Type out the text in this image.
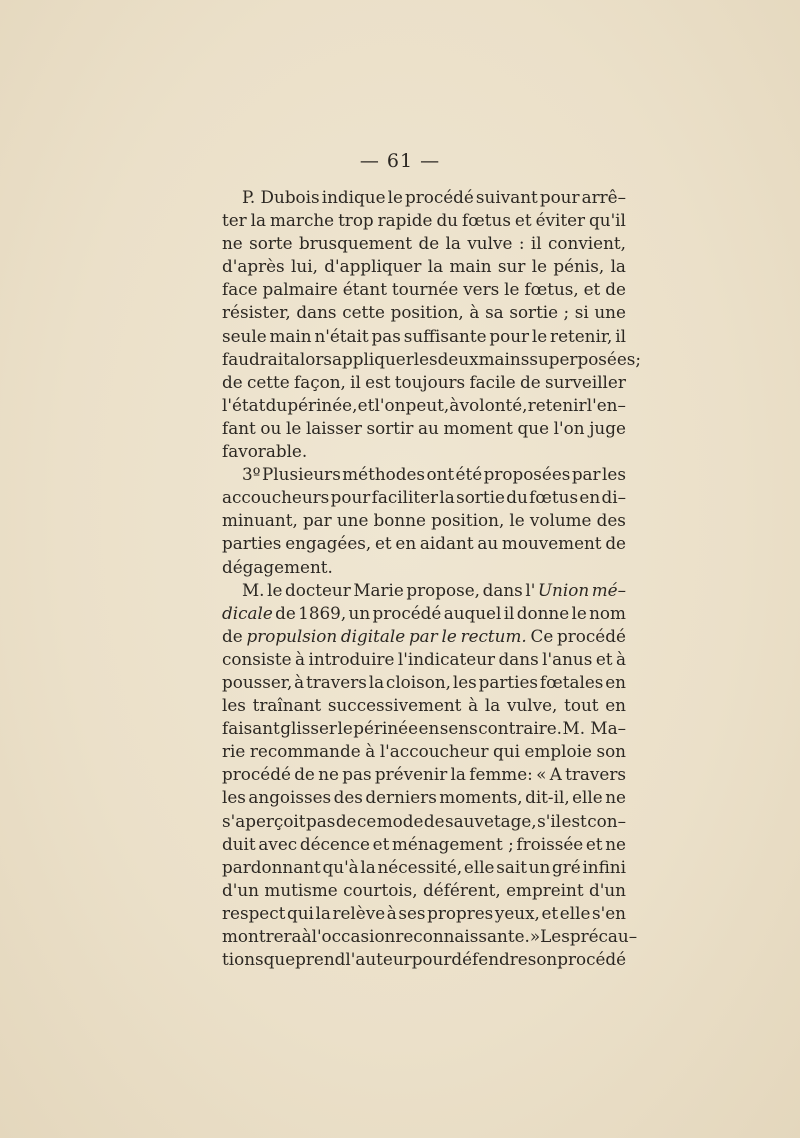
— 61 —
P. Dubois indique le procédé suivant pour arrê–
ter la marche trop rapide du fœtus et éviter qu'il
ne sorte brusquement de la vulve : il convient,
d'après lui, d'appliquer la main sur le pénis, la
face palmaire étant tournée vers le fœtus, et de
résister, dans cette position, à sa sortie ; si une
seule main n'était pas suffisante pour le retenir, il
faudrait alors appliquer les deux mains superposées;
de cette façon, il est toujours facile de surveiller
l'état du périnée, et l'on peut, à volonté, retenir l'en–
fant ou le laisser sortir au moment que l'on juge
favorable.
3º Plusieurs méthodes ont été proposées par les
accoucheurs pour faciliter la sortie du fœtus en di–
minuant, par une bonne position, le volume des
parties engagées, et en aidant au mouvement de
dégagement.
M. le docteur Marie propose, dans l' Union mé–
dicale de 1869, un procédé auquel il donne le nom
de propulsion digitale par le rectum. Ce procédé
consiste à introduire l'indicateur dans l'anus et à
pousser, à travers la cloison, les parties fœtales en
les traînant successivement à la vulve, tout en
faisant glisser le périnée en sens contraire. M. Ma–
rie recommande à l'accoucheur qui emploie son
procédé de ne pas prévenir la femme: « A travers
les angoisses des derniers moments, dit-il, elle ne
s'aperçoit pas de ce mode de sauvetage, s'il est con–
duit avec décence et ménagement ; froissée et ne
pardonnant qu'à la nécessité, elle sait un gré infini
d'un mutisme courtois, déférent, empreint d'un
respect qui la relève à ses propres yeux, et elle s'en
montrera à l'occasion reconnaissante. » Les précau–
tions que prend l'auteur pour défendre son procédé
